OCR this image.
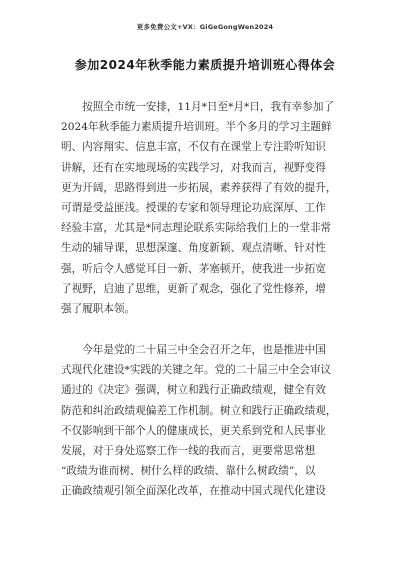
更多免费公文+VX：GiGeGongWen2024
参加2024年秋季能力素质提升培训班心得体会
　　按照全市统一安排，11月*日至*月*日，我有幸参加了
2024年秋季能力素质提升培训班。半个多月的学习主题鲜
明、内容翔实、信息丰富，不仅有在课堂上专注聆听知识
讲解，还有在实地现场的实践学习，对我而言，视野变得
更为开阔，思路得到进一步拓展，素养获得了有效的提升，
可谓是受益匪浅。授课的专家和领导理论功底深厚、工作
经验丰富，尤其是*同志理论联系实际给我们上的一堂非常
生动的辅导课，思想深邃、角度新颖、观点清晰、针对性
强，听后令人感觉耳目一新、茅塞顿开，使我进一步拓宽
了视野，启迪了思维，更新了观念，强化了党性修养，增
强了履职本领。
　　今年是党的二十届三中全会召开之年，也是推进中国
式现代化建设*实践的关键之年。党的二十届三中全会审议
通过的《决定》强调，树立和践行正确政绩观，健全有效
防范和纠治政绩观偏差工作机制。树立和践行正确政绩观，
不仅影响到干部个人的健康成长，更关系到党和人民事业
发展，对于身处巡察工作一线的我而言，更要常思常想
“政绩为谁而树、树什么样的政绩、靠什么树政绩”，以
正确政绩观引领全面深化改革，在推动中国式现代化建设
